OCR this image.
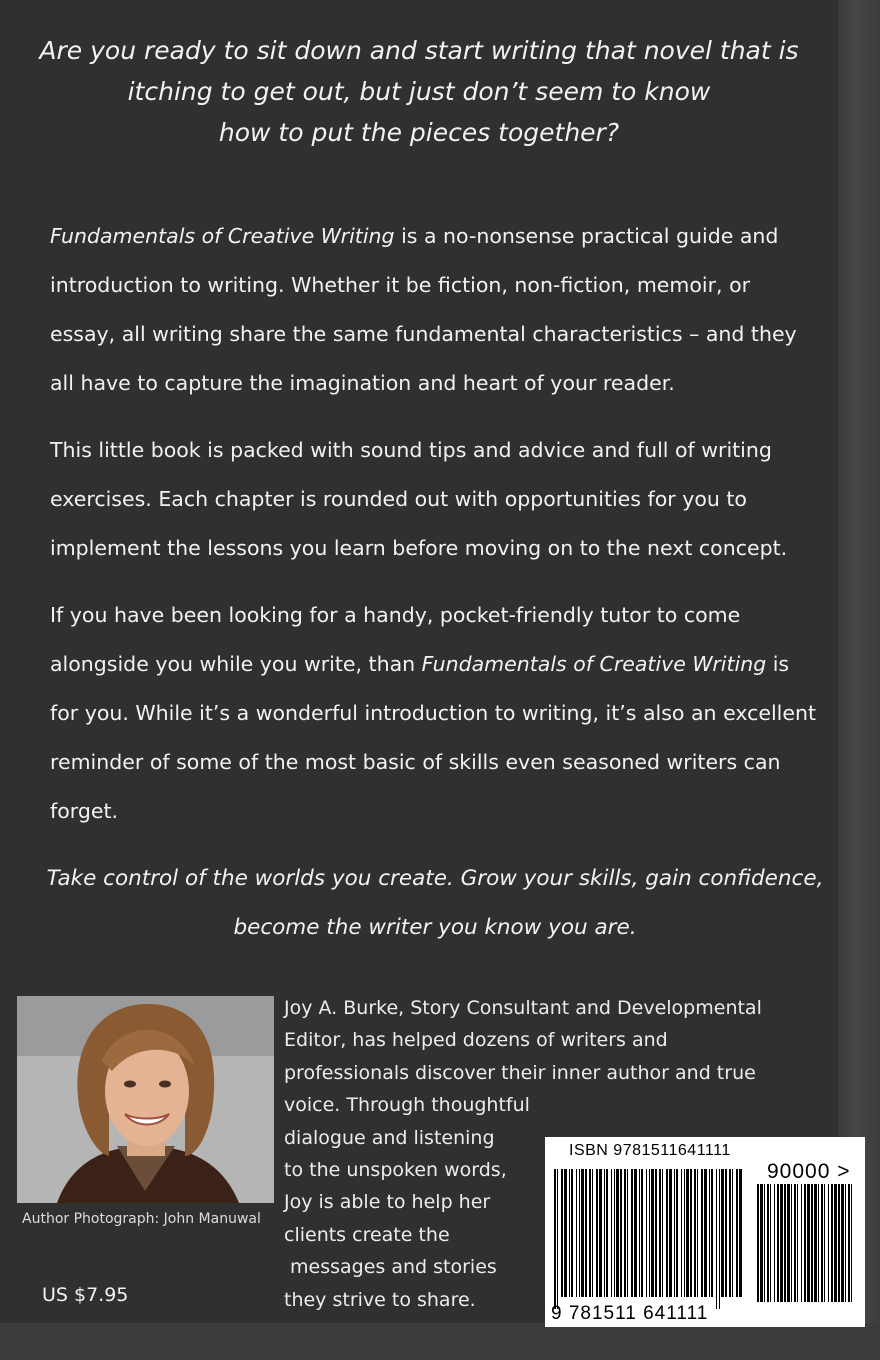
Are you ready to sit down and start writing that novel that is
itching to get out, but just don’t seem to know
how to put the pieces together?

Fundamentals of Creative Writing is a no-nonsense practical guide and introduction to writing. Whether it be fiction, non-fiction, memoir, or essay, all writing share the same fundamental characteristics – and they all have to capture the imagination and heart of your reader.

This little book is packed with sound tips and advice and full of writing exercises. Each chapter is rounded out with opportunities for you to implement the lessons you learn before moving on to the next concept.

If you have been looking for a handy, pocket-friendly tutor to come alongside you while you write, than Fundamentals of Creative Writing is for you. While it’s a wonderful introduction to writing, it’s also an excellent reminder of some of the most basic of skills even seasoned writers can forget.

Take control of the worlds you create. Grow your skills, gain confidence,
become the writer you know you are.

Author Photograph: John Manuwal
US $7.95

Joy A. Burke, Story Consultant and Developmental
Editor, has helped dozens of writers and
professionals discover their inner author and true
voice. Through thoughtful
dialogue and listening
to the unspoken words,
Joy is able to help her
clients create the
messages and stories
they strive to share.

ISBN 9781511641111
90000 >
9 781511 641111
